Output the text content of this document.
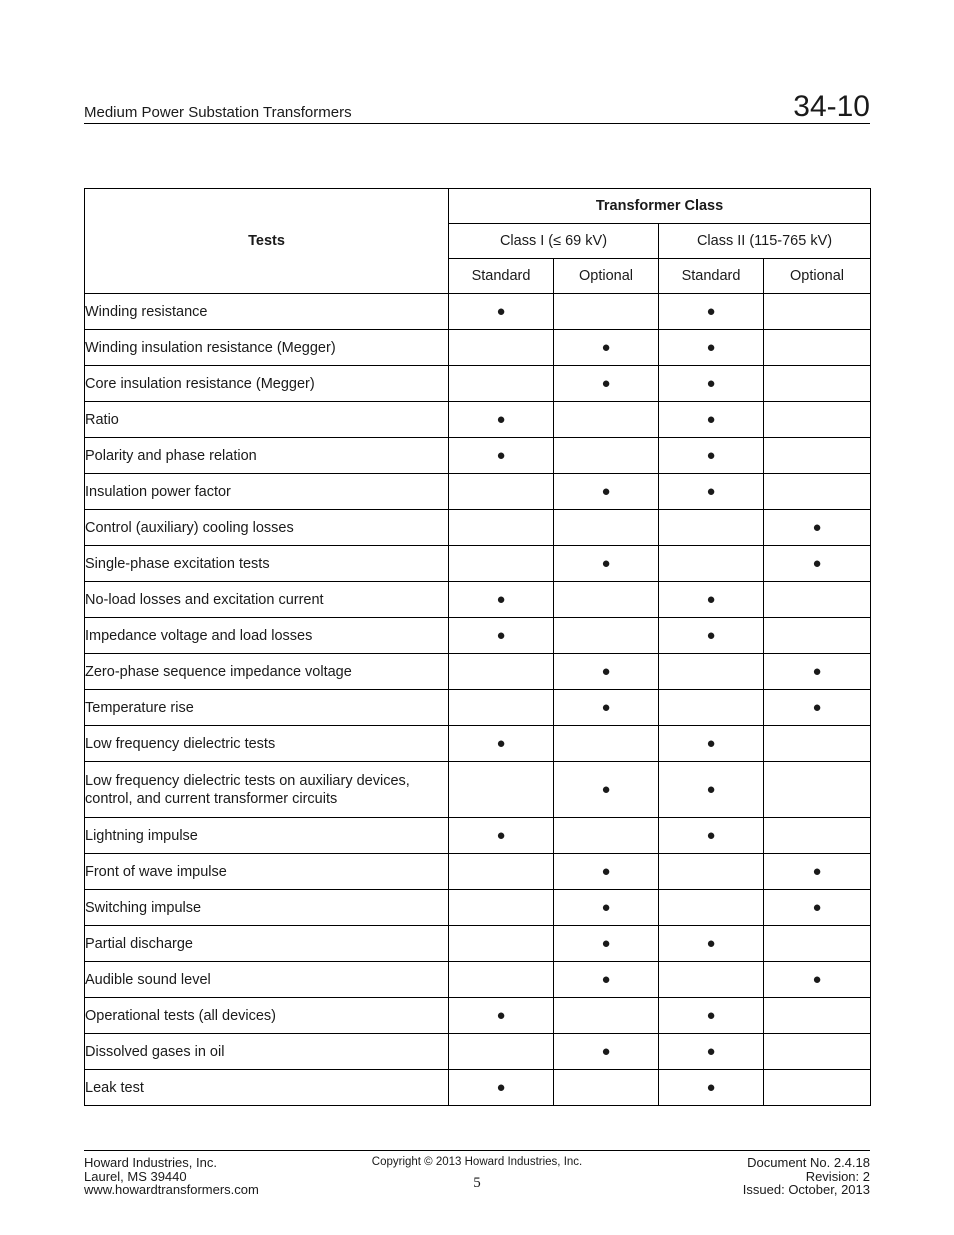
Medium Power Substation Transformers	34-10
Tests	Transformer Class			
	Class I (≤ 69 kV)		Class II (115-765 kV)	
	Standard	Optional	Standard	Optional
Winding resistance	●		●	
Winding insulation resistance (Megger)		●	●	
Core insulation resistance (Megger)		●	●	
Ratio	●		●	
Polarity and phase relation	●		●	
Insulation power factor		●	●	
Control (auxiliary) cooling losses				●
Single-phase excitation tests		●		●
No-load losses and excitation current	●		●	
Impedance voltage and load losses	●		●	
Zero-phase sequence impedance voltage		●		●
Temperature rise		●		●
Low frequency dielectric tests	●		●	
Low frequency dielectric tests on auxiliary devices, control, and current transformer circuits		●	●	
Lightning impulse	●		●	
Front of wave impulse		●		●
Switching impulse		●		●
Partial discharge		●	●	
Audible sound level		●		●
Operational tests (all devices)	●		●	
Dissolved gases in oil		●	●	
Leak test	●		●	
Howard Industries, Inc.
Laurel, MS 39440
www.howardtransformers.com
Copyright © 2013 Howard Industries, Inc.
5
Document No. 2.4.18
Revision: 2
Issued: October, 2013
